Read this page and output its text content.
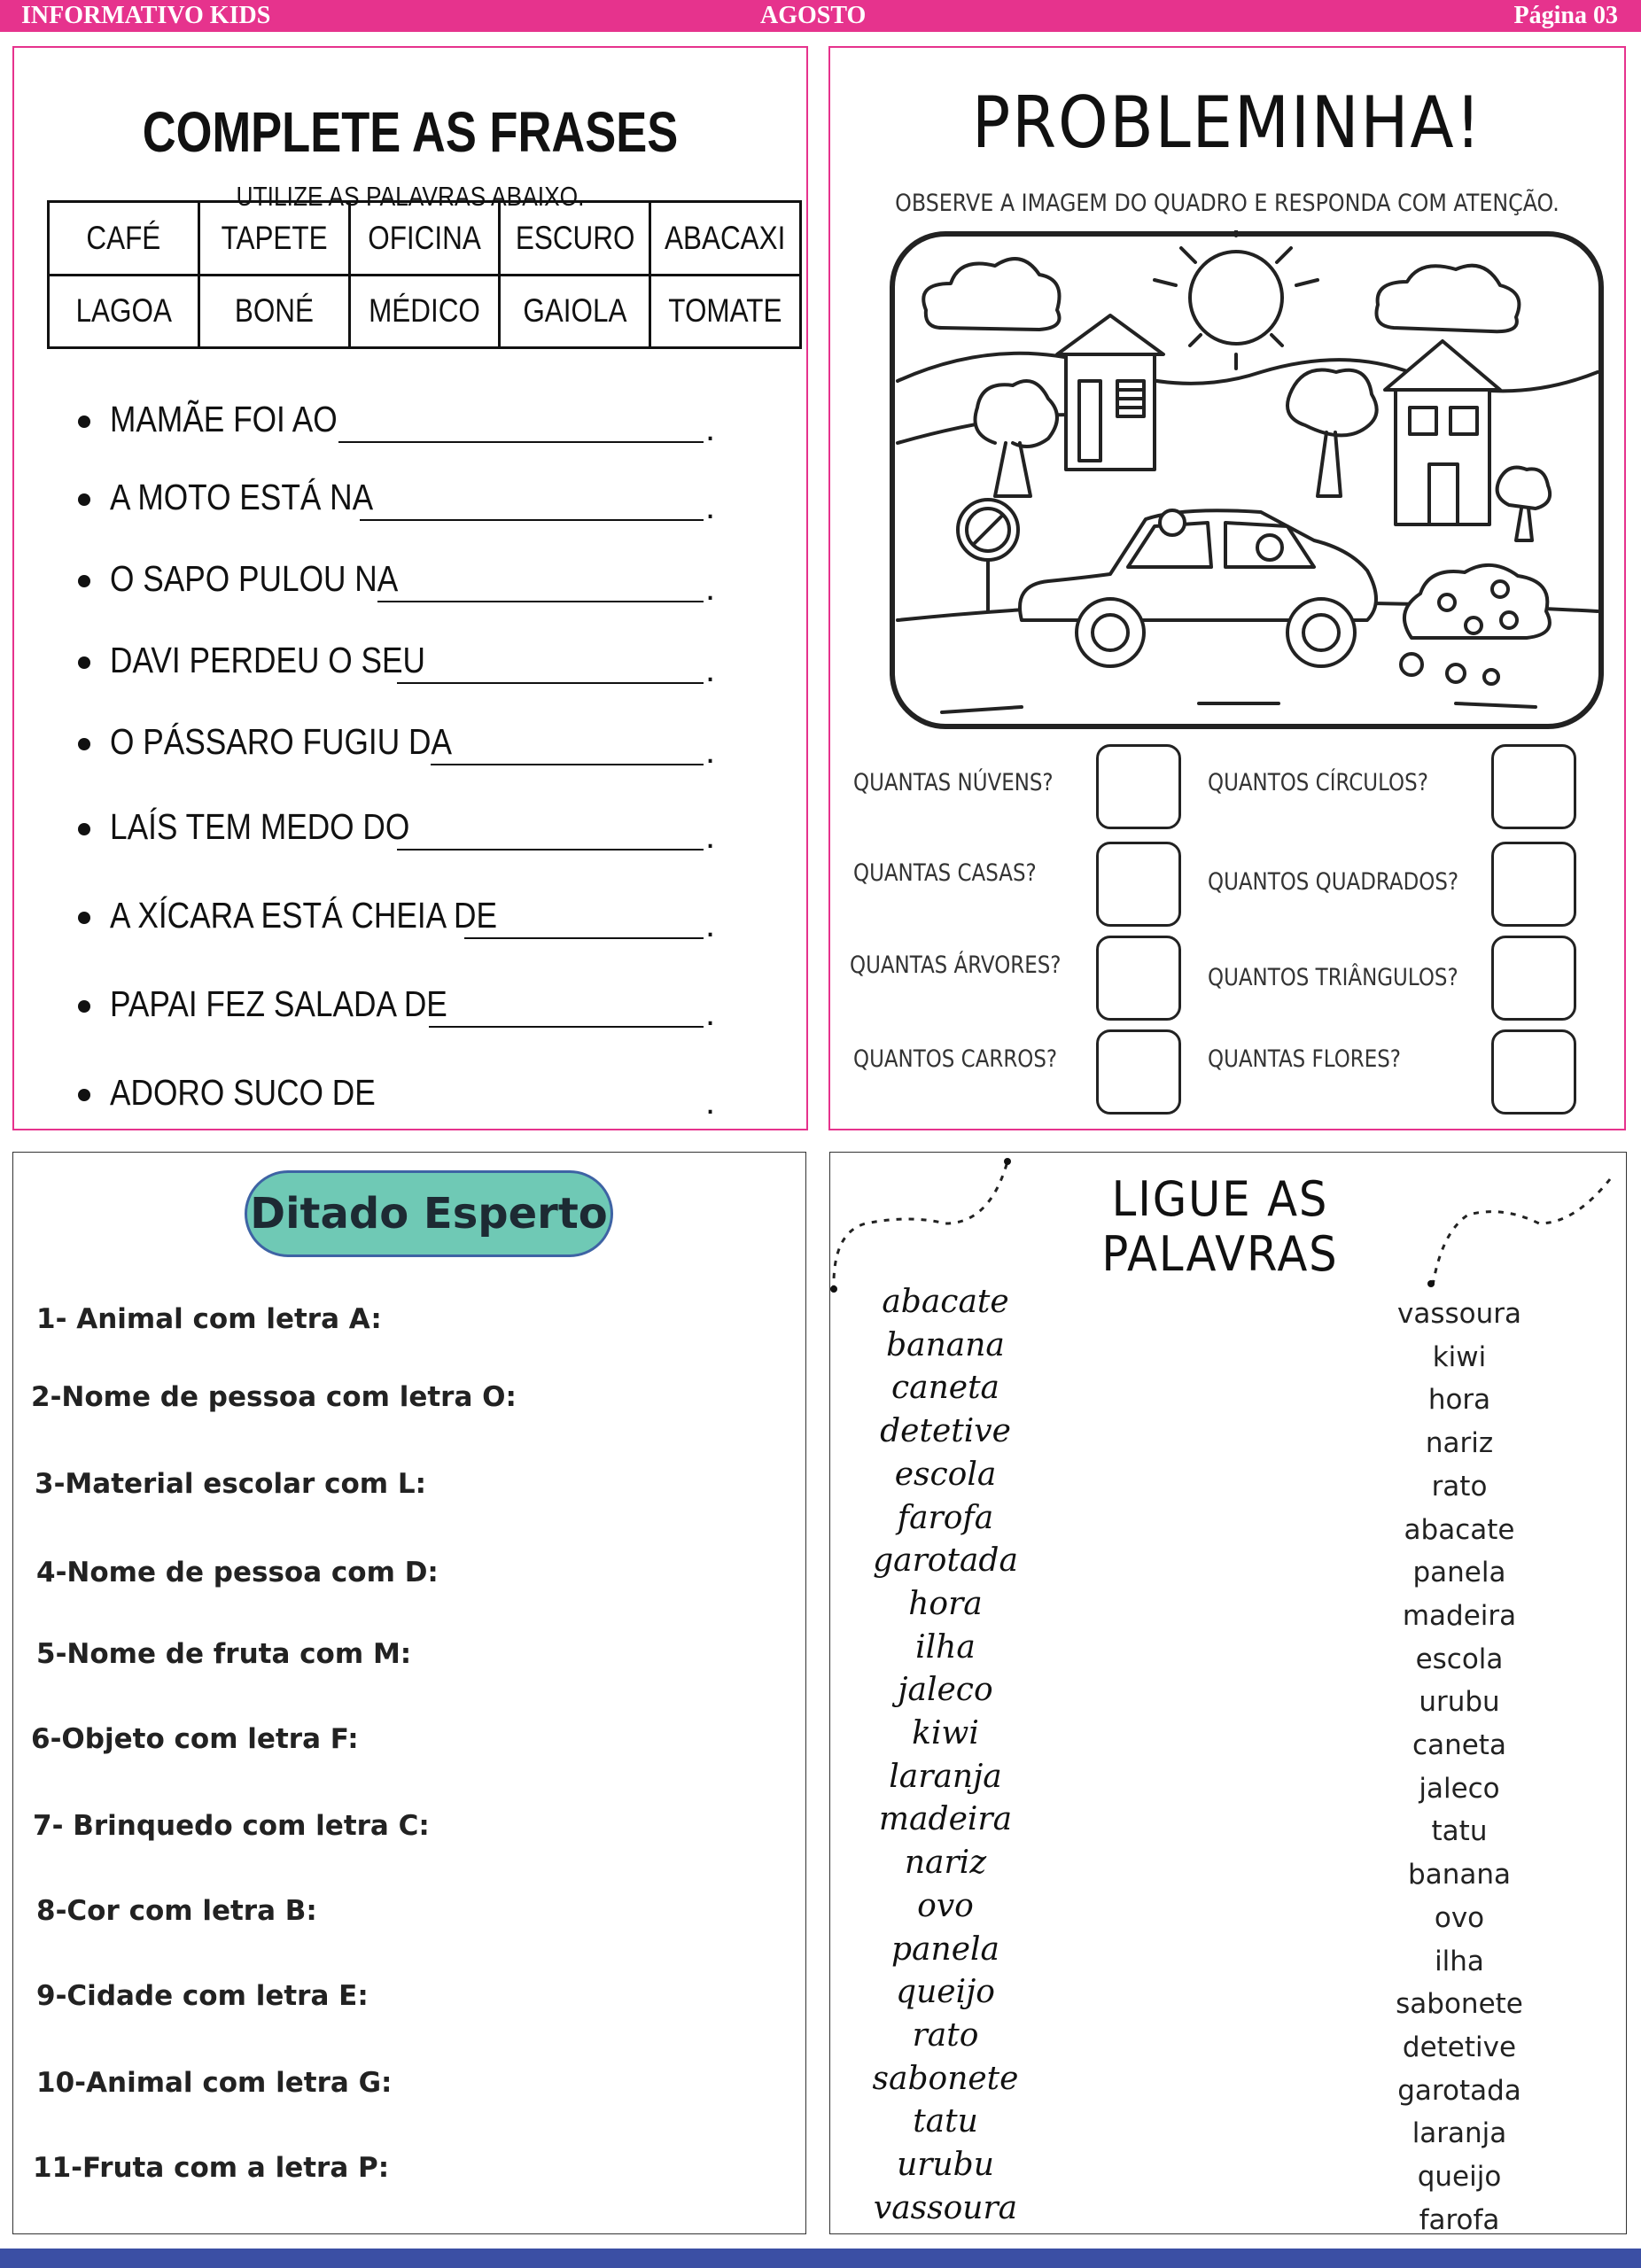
INFORMATIVO KIDS	AGOSTO	Página 03
COMPLETE AS FRASES
UTILIZE AS PALAVRAS ABAIXO.
CAFÉ	TAPETE	OFICINA	ESCURO	ABACAXI
LAGOA	BONÉ	MÉDICO	GAIOLA	TOMATE
MAMÃE FOI AO	.
A MOTO ESTÁ NA	.
O SAPO PULOU NA	.
DAVI PERDEU O SEU	.
O PÁSSARO FUGIU DA	.
LAÍS TEM MEDO DO	.
A XÍCARA ESTÁ CHEIA DE	.
PAPAI FEZ SALADA DE	.
ADORO SUCO DE	.
PROBLEMINHA!
OBSERVE A IMAGEM DO QUADRO E RESPONDA COM ATENÇÃO.
QUANTAS NÚVENS?	QUANTOS CÍRCULOS?
QUANTAS CASAS?	QUANTOS QUADRADOS?
QUANTAS ÁRVORES?	QUANTOS TRIÂNGULOS?
QUANTOS CARROS?	QUANTAS FLORES?
Ditado Esperto
1- Animal com letra A:
2-Nome de pessoa com letra O:
3-Material escolar com L:
4-Nome de pessoa com D:
5-Nome de fruta com M:
6-Objeto com letra F:
7- Brinquedo com letra C:
8-Cor com letra B:
9-Cidade com letra E:
10-Animal com letra G:
11-Fruta com a letra P:
LIGUE AS
PALAVRAS
abacate
banana
caneta
detetive
escola
farofa
garotada
hora
ilha
jaleco
kiwi
laranja
madeira
nariz
ovo
panela
queijo
rato
sabonete
tatu
urubu
vassoura
vassoura
kiwi
hora
nariz
rato
abacate
panela
madeira
escola
urubu
caneta
jaleco
tatu
banana
ovo
ilha
sabonete
detetive
garotada
laranja
queijo
farofa
